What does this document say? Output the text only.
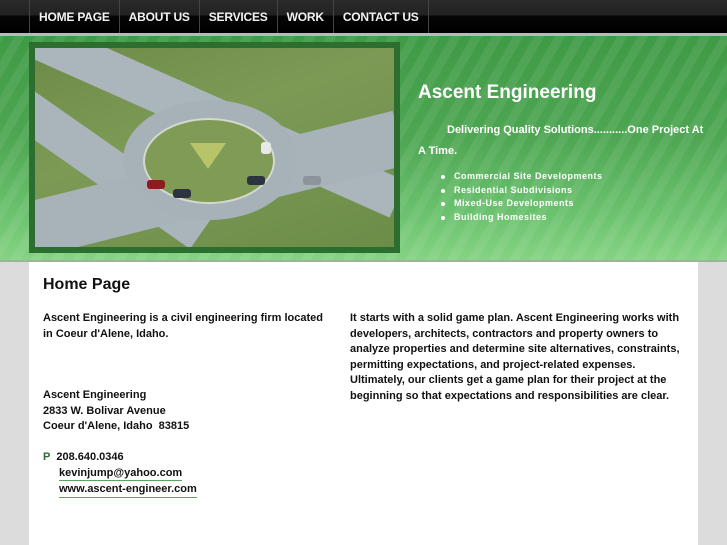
HOME PAGE	ABOUT US	SERVICES	WORK	CONTACT US
Ascent Engineering
Delivering Quality Solutions...........One Project At A Time.
Commercial Site Developments
Residential Subdivisions
Mixed-Use Developments
Building Homesites
Home Page

Ascent Engineering is a civil engineering firm located in Coeur d'Alene, Idaho.

Ascent Engineering
2833 W. Bolivar Avenue
Coeur d'Alene, Idaho  83815
P 208.640.0346
kevinjump@yahoo.com
www.ascent-engineer.com

It starts with a solid game plan. Ascent Engineering works with developers, architects, contractors and property owners to analyze properties and determine site alternatives, constraints, permitting expectations, and project-related expenses. Ultimately, our clients get a game plan for their project at the beginning so that expectations and responsibilities are clear.
